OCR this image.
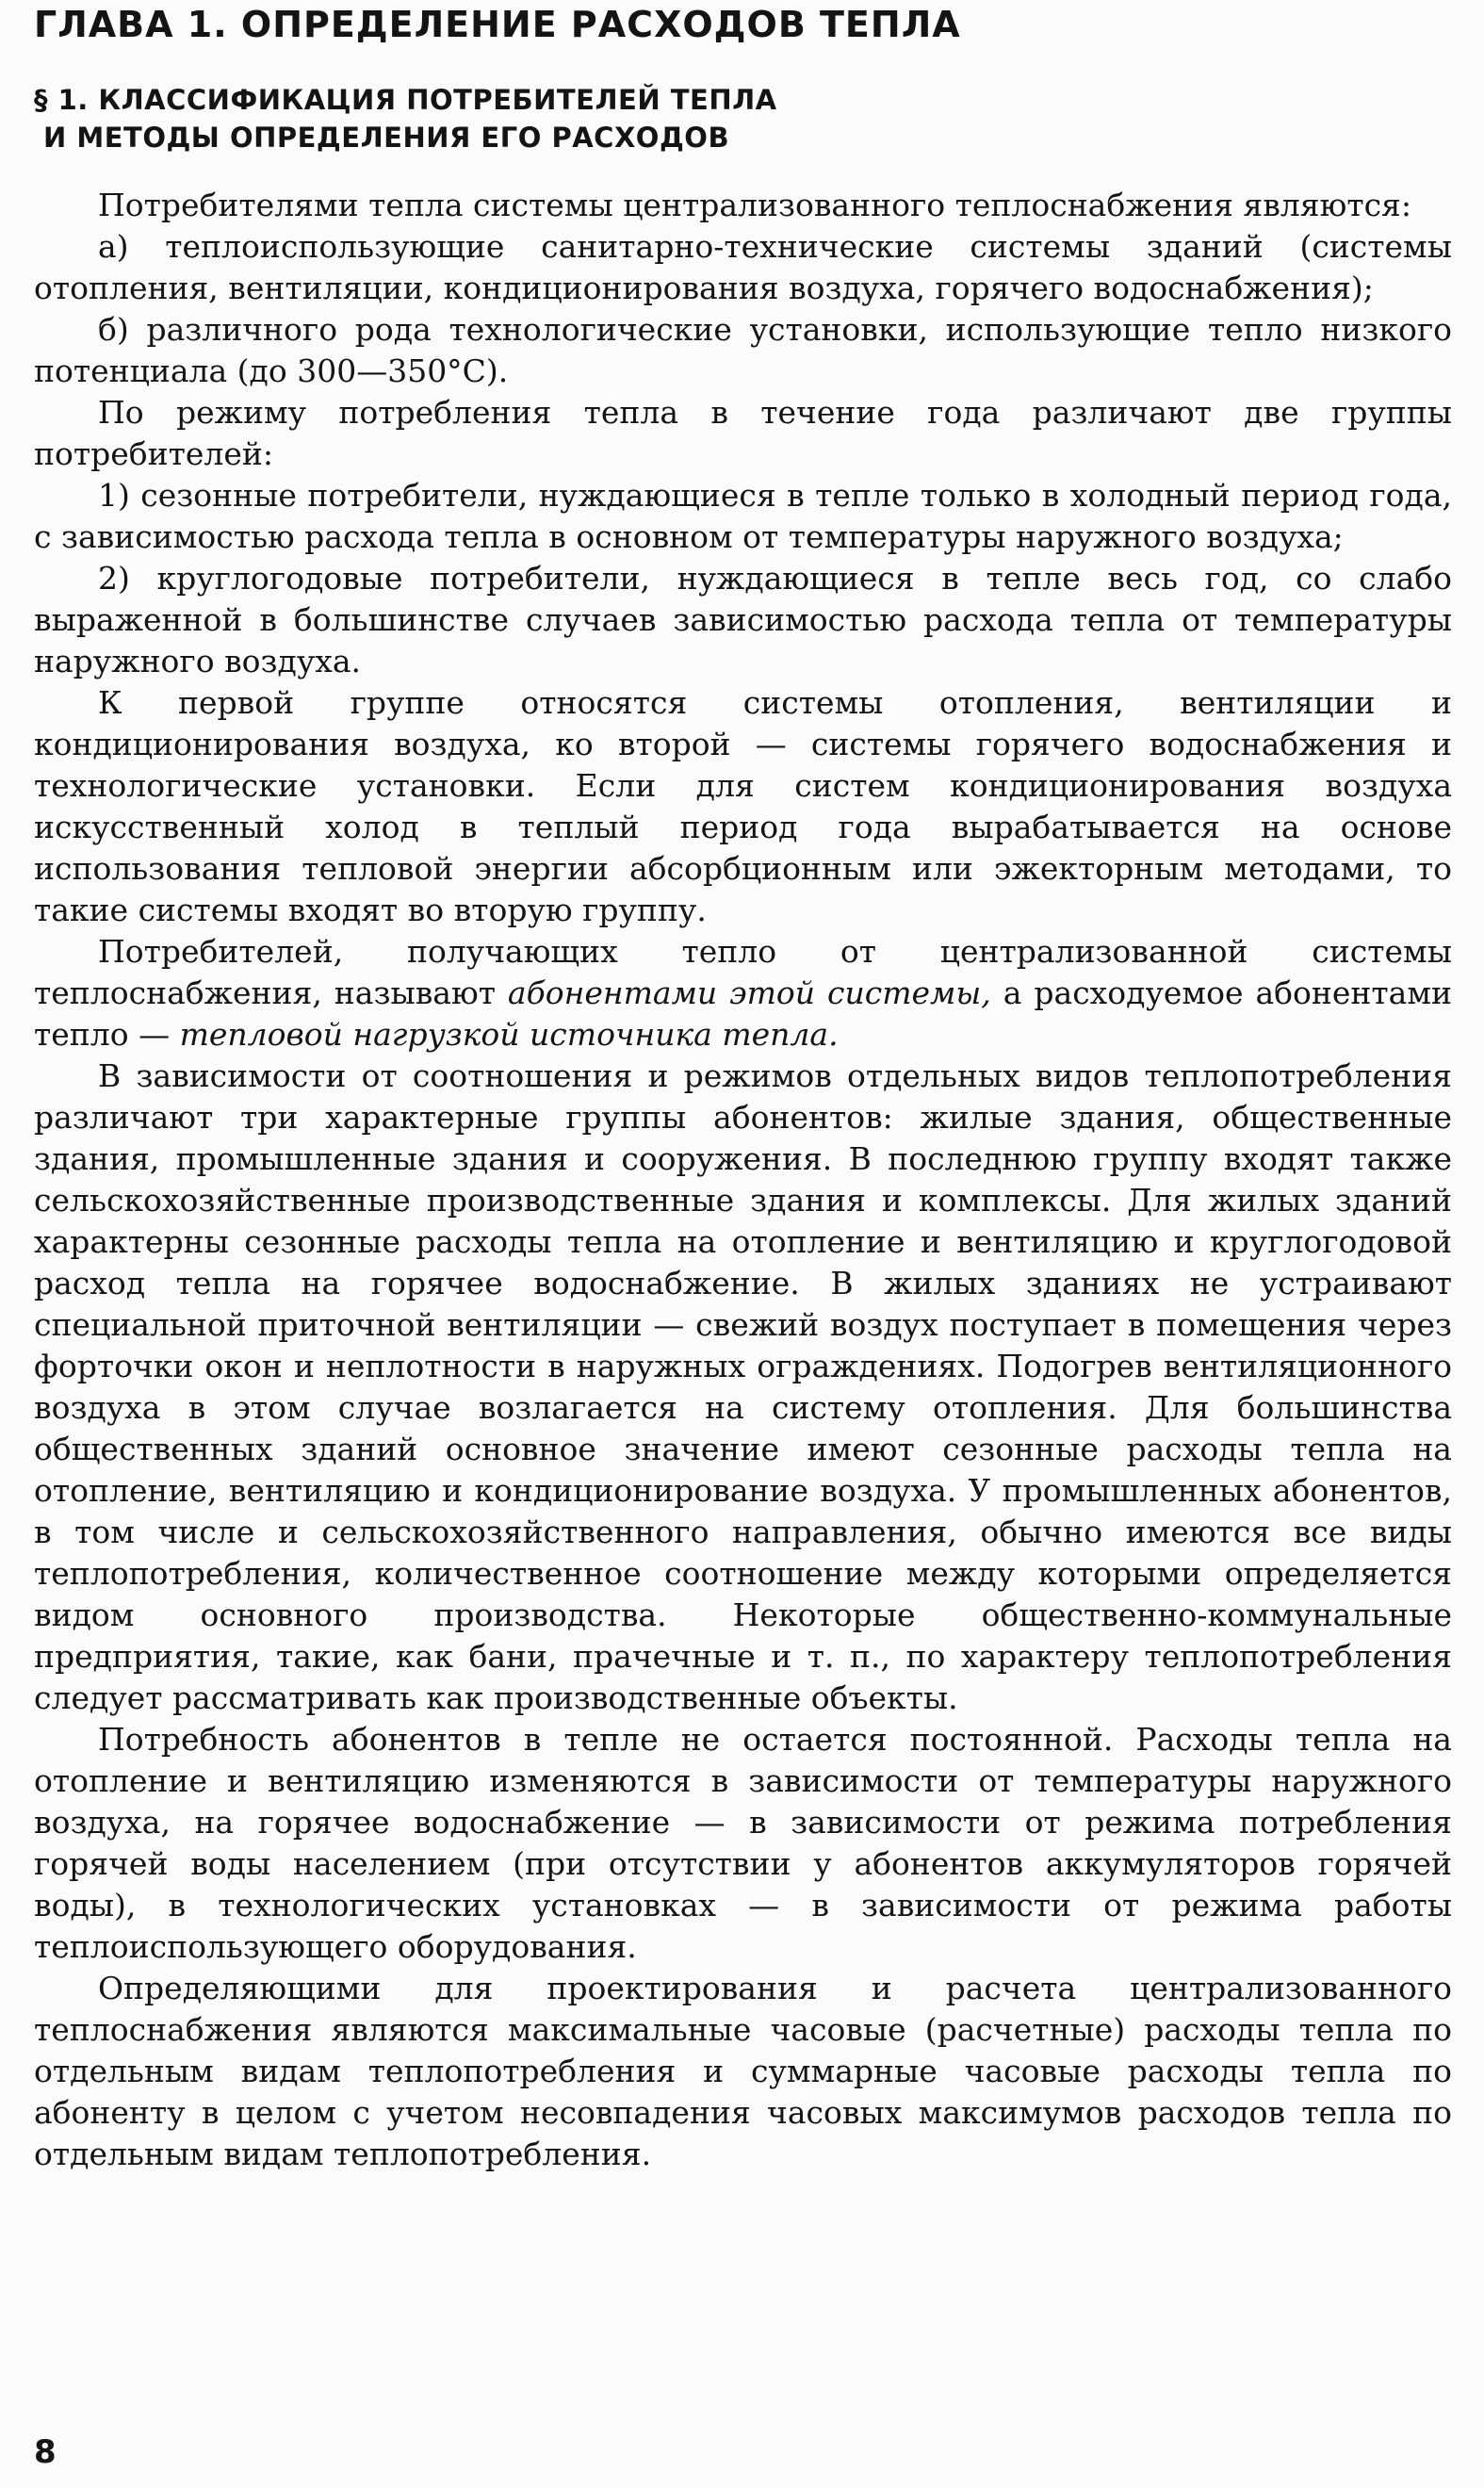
ГЛАВА 1. ОПРЕДЕЛЕНИЕ РАСХОДОВ ТЕПЛА
§ 1. КЛАССИФИКАЦИЯ ПОТРЕБИТЕЛЕЙ ТЕПЛА
И МЕТОДЫ ОПРЕДЕЛЕНИЯ ЕГО РАСХОДОВ

Потребителями тепла системы централизованного теплоснабжения являются:

а) теплоиспользующие санитарно-технические системы зданий (системы отопления, вентиляции, кондиционирования воздуха, горячего водоснабжения);

б) различного рода технологические установки, использующие тепло низкого потенциала (до 300—350°С).

По режиму потребления тепла в течение года различают две группы потребителей:

1) сезонные потребители, нуждающиеся в тепле только в холодный период года, с зависимостью расхода тепла в основном от температуры наружного воздуха;

2) круглогодовые потребители, нуждающиеся в тепле весь год, со слабо выраженной в большинстве случаев зависимостью расхода тепла от температуры наружного воздуха.

К первой группе относятся системы отопления, вентиляции и кондиционирования воздуха, ко второй — системы горячего водоснабжения и технологические установки. Если для систем кондиционирования воздуха искусственный холод в теплый период года вырабатывается на основе использования тепловой энергии абсорбционным или эжекторным методами, то такие системы входят во вторую группу.

Потребителей, получающих тепло от централизованной системы теплоснабжения, называют абонентами этой системы, а расходуемое абонентами тепло — тепловой нагрузкой источника тепла.

В зависимости от соотношения и режимов отдельных видов теплопотребления различают три характерные группы абонентов: жилые здания, общественные здания, промышленные здания и сооружения. В последнюю группу входят также сельскохозяйственные производственные здания и комплексы. Для жилых зданий характерны сезонные расходы тепла на отопление и вентиляцию и круглогодовой расход тепла на горячее водоснабжение. В жилых зданиях не устраивают специальной приточной вентиляции — свежий воздух поступает в помещения через форточки окон и неплотности в наружных ограждениях. Подогрев вентиляционного воздуха в этом случае возлагается на систему отопления. Для большинства общественных зданий основное значение имеют сезонные расходы тепла на отопление, вентиляцию и кондиционирование воздуха. У промышленных абонентов, в том числе и сельскохозяйственного направления, обычно имеются все виды теплопотребления, количественное соотношение между которыми определяется видом основного производства. Некоторые общественно-коммунальные предприятия, такие, как бани, прачечные и т. п., по характеру теплопотребления следует рассматривать как производственные объекты.

Потребность абонентов в тепле не остается постоянной. Расходы тепла на отопление и вентиляцию изменяются в зависимости от температуры наружного воздуха, на горячее водоснабжение — в зависимости от режима потребления горячей воды населением (при отсутствии у абонентов аккумуляторов горячей воды), в технологических установках — в зависимости от режима работы теплоиспользующего оборудования.

Определяющими для проектирования и расчета централизованного теплоснабжения являются максимальные часовые (расчетные) расходы тепла по отдельным видам теплопотребления и суммарные часовые расходы тепла по абоненту в целом с учетом несовпадения часовых максимумов расходов тепла по отдельным видам теплопотребления.

8
